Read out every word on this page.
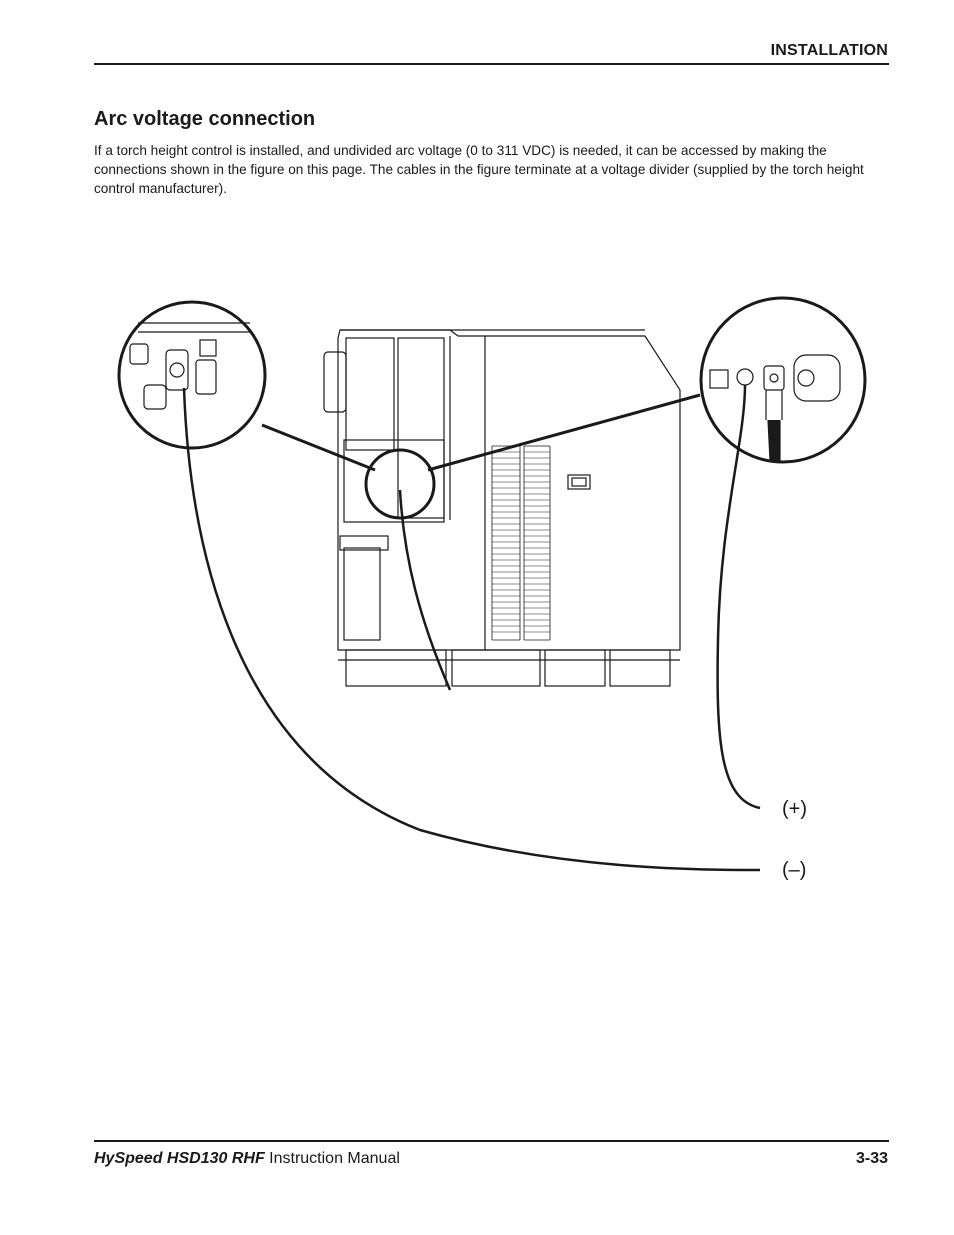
INSTALLATION
Arc voltage connection

If a torch height control is installed, and undivided arc voltage (0 to 311 VDC) is needed, it can be accessed by making the connections shown in the figure on this page. The cables in the figure terminate at a voltage divider (supplied by the torch height control manufacturer).

(+)
(–)
HySpeed HSD130 RHF Instruction Manual	3-33
